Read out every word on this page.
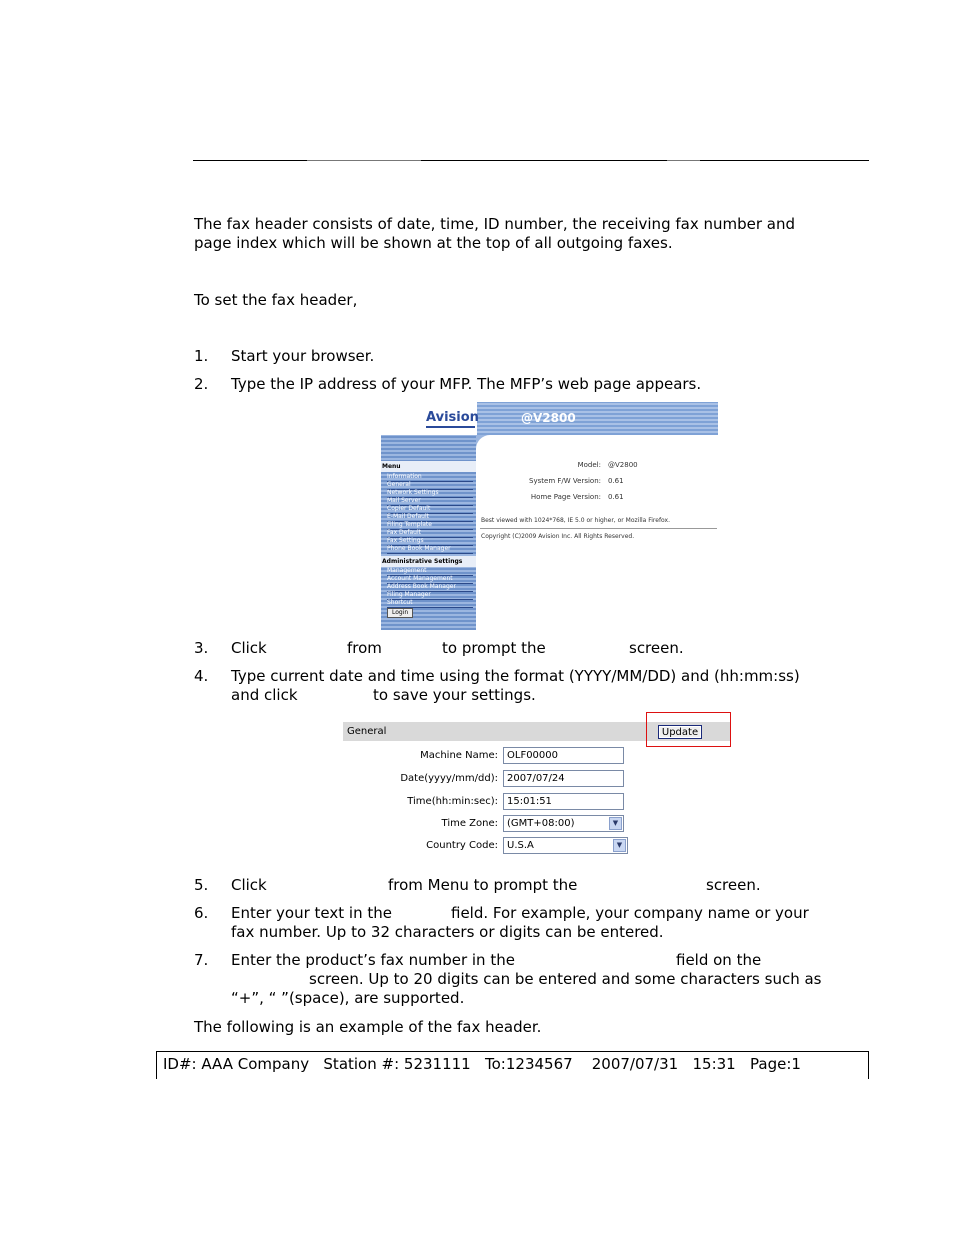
The fax header consists of date, time, ID number, the receiving fax number and
page index which will be shown at the top of all outgoing faxes.
To set the fax header,
1. Start your browser.
2. Type the IP address of your MFP. The MFP’s web page appears.
Avision	@V2800
Menu
Information
General
Network Settings
Mail Server
Copier Default
E-Mail Default
Filing Template
Fax Default
Fax Settings
Phone Book Manager
Administrative Settings
Management
Account Management
Address Book Manager
Filing Manager
Shortcut
Login
Model: @V2800
System F/W Version: 0.61
Home Page Version: 0.61
Best viewed with 1024*768, IE 5.0 or higher, or Mozilla Firefox.
Copyright (C)2009 Avision Inc. All Rights Reserved.
3. Click	from	to prompt the	screen.
4. Type current date and time using the format (YYYY/MM/DD) and (hh:mm:ss)
and click	to save your settings.
General	Update
Machine Name: OLF00000
Date(yyyy/mm/dd): 2007/07/24
Time(hh:min:sec): 15:01:51
Time Zone: (GMT+08:00)	▼
Country Code: U.S.A	▼
5. Click	from Menu to prompt the	screen.
6. Enter your text in the	field. For example, your company name or your
fax number. Up to 32 characters or digits can be entered.
7. Enter the product’s fax number in the	field on the
screen. Up to 20 digits can be entered and some characters such as
“+”, “ ”(space), are supported.
The following is an example of the fax header.
ID#: AAA Company   Station #: 5231111   To:1234567    2007/07/31   15:31   Page:1
